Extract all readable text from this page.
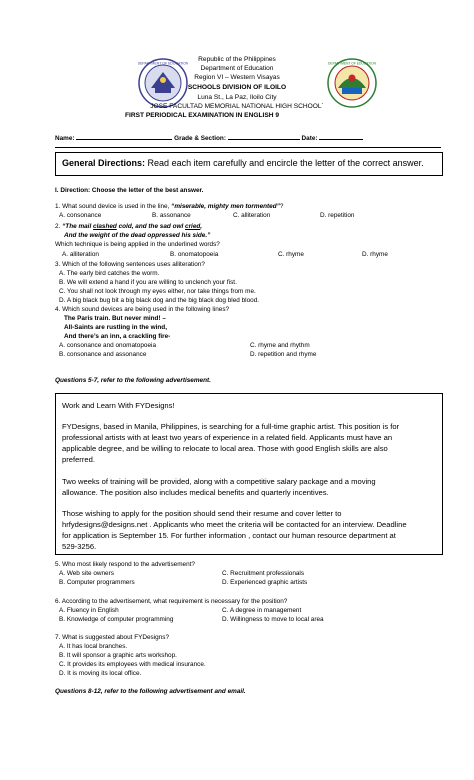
DEPARTMENT OF EDUCATION	DEPARTMENT OF EDUCATION
Republic of the Philippines
Department of Education
Region VI – Western Visayas
SCHOOLS DIVISION OF ILOILO
Luna St., La Paz, Iloilo City
JOSE FACULTAD MEMORIAL NATIONAL HIGH SCHOOL`
FIRST PERIODICAL EXAMINATION IN ENGLISH 9
Name:	Grade & Section:	Date:
General Directions: Read each item carefully and encircle the letter of the correct answer.
I. Direction: Choose the letter of the best answer.
1. What sound device is used in the line, “miserable, mighty men tormented”?
A. consonance	B. assonance	C. alliteration	D. repetition
2. “The mail clashed cold, and the sad owl cried,
And the weight of the dead oppressed his side.”
Which technique is being applied in the underlined words?
A. alliteration	B. onomatopoeia	C. rhyme	D. rhyme
3. Which of the following sentences uses alliteration?
A. The early bird catches the worm.
B. We will extend a hand if you are willing to unclench your fist.
C. You shall not look through my eyes either, nor take things from me.
D. A big black bug bit a big black dog and the big black dog bled blood.
4. Which sound devices are being used in the following lines?
The Paris train. But never mind! –
All-Saints are rustling in the wind,
And there’s an inn, a crackling fire-
A. consonance and onomatopoeia	C. rhyme and rhythm
B. consonance and assonance	D. repetition and rhyme
Questions 5-7, refer to the following advertisement.
Work and Learn With FYDesigns!
FYDesigns, based in Manila, Philippines, is searching for a full-time graphic artist. This position is for
professional artists with at least two years of experience in a related field. Applicants must have an
applicable degree, and be willing to relocate to local area. Those with good English skills are also
preferred.
Two weeks of training will be provided, along with a competitive salary package and a moving
allowance. The position also includes medical benefits and quarterly incentives.
Those wishing to apply for the position should send their resume and cover letter to
hrfydesigns@designs.net . Applicants who meet the criteria will be contacted for an interview. Deadline
for application is September 15. For further information , contact our human resource department at
529-3256.
5. Who most likely respond to the advertisement?
A. Web site owners	C. Recruitment professionals
B. Computer programmers	D. Experienced graphic artists
6. According to the advertisement, what requirement is necessary for the position?
A. Fluency in English	C. A degree in management
B. Knowledge of computer programming	D. Willingness to move to local area
7. What is suggested about FYDesigns?
A. It has local branches.
B. It will sponsor a graphic arts workshop.
C. It provides its employees with medical insurance.
D. It is moving its local office.
Questions 8-12, refer to the following advertisement and email.
